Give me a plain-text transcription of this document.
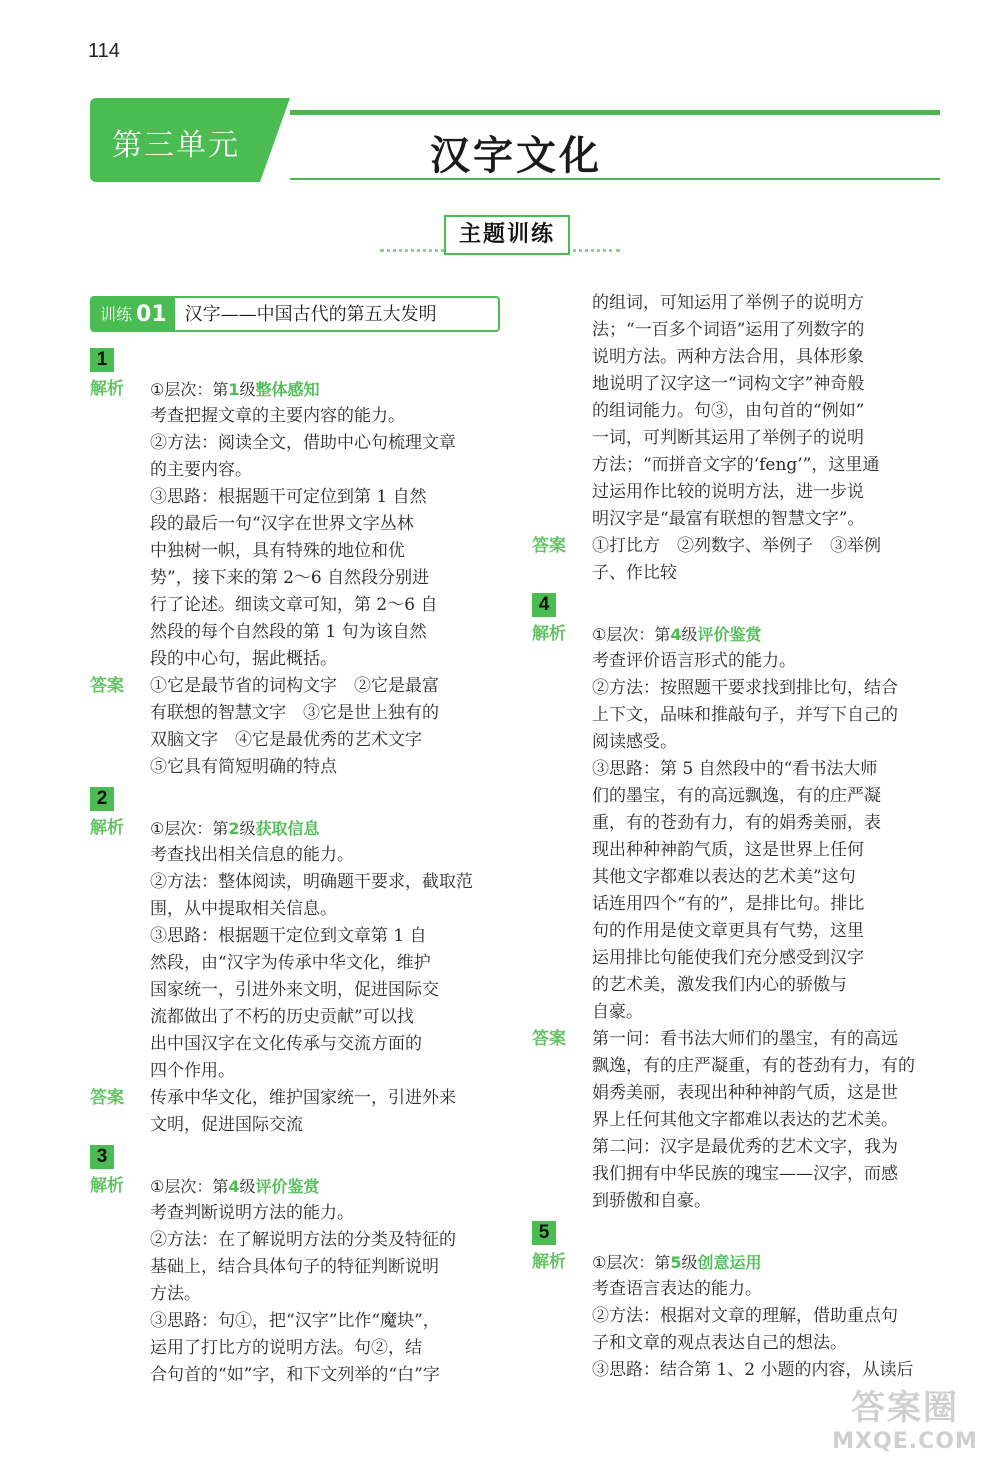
114
第三单元	汉字文化
主题训练
训练 01	汉字——中国古代的第五大发明
1
解析	①层次：第1级整体感知
考查把握文章的主要内容的能力。
②方法：阅读全文，借助中心句梳理文章
的主要内容。
③思路：根据题干可定位到第 1 自然
段的最后一句“汉字在世界文字丛林
中独树一帜，具有特殊的地位和优
势”，接下来的第 2～6 自然段分别进
行了论述。细读文章可知，第 2～6 自
然段的每个自然段的第 1 句为该自然
段的中心句，据此概括。
答案	①它是最节省的词构文字　②它是最富
有联想的智慧文字　③它是世上独有的
双脑文字　④它是最优秀的艺术文字
⑤它具有简短明确的特点
2
解析	①层次：第2级获取信息
考查找出相关信息的能力。
②方法：整体阅读，明确题干要求，截取范
围，从中提取相关信息。
③思路：根据题干定位到文章第 1 自
然段，由“汉字为传承中华文化，维护
国家统一，引进外来文明，促进国际交
流都做出了不朽的历史贡献”可以找
出中国汉字在文化传承与交流方面的
四个作用。
答案	传承中华文化，维护国家统一，引进外来
文明，促进国际交流
3
解析	①层次：第4级评价鉴赏
考查判断说明方法的能力。
②方法：在了解说明方法的分类及特征的
基础上，结合具体句子的特征判断说明
方法。
③思路：句①，把“汉字”比作“魔块”，
运用了打比方的说明方法。句②，结
合句首的“如”字，和下文列举的“白”字
的组词，可知运用了举例子的说明方
法；“一百多个词语”运用了列数字的
说明方法。两种方法合用，具体形象
地说明了汉字这一“词构文字”神奇般
的组词能力。句③，由句首的“例如”
一词，可判断其运用了举例子的说明
方法；“而拼音文字的‘feng’”，这里通
过运用作比较的说明方法，进一步说
明汉字是“最富有联想的智慧文字”。
答案	①打比方　②列数字、举例子　③举例
子、作比较
4
解析	①层次：第4级评价鉴赏
考查评价语言形式的能力。
②方法：按照题干要求找到排比句，结合
上下文，品味和推敲句子，并写下自己的
阅读感受。
③思路：第 5 自然段中的“看书法大师
们的墨宝，有的高远飘逸，有的庄严凝
重，有的苍劲有力，有的娟秀美丽，表
现出种种神韵气质，这是世界上任何
其他文字都难以表达的艺术美”这句
话连用四个“有的”，是排比句。排比
句的作用是使文章更具有气势，这里
运用排比句能使我们充分感受到汉字
的艺术美，激发我们内心的骄傲与
自豪。
答案	第一问：看书法大师们的墨宝，有的高远
飘逸，有的庄严凝重，有的苍劲有力，有的
娟秀美丽，表现出种种神韵气质，这是世
界上任何其他文字都难以表达的艺术美。
第二问：汉字是最优秀的艺术文字，我为
我们拥有中华民族的瑰宝——汉字，而感
到骄傲和自豪。
5
解析	①层次：第5级创意运用
考查语言表达的能力。
②方法：根据对文章的理解，借助重点句
子和文章的观点表达自己的想法。
③思路：结合第 1、2 小题的内容，从读后
答案圈
MXQE.COM
